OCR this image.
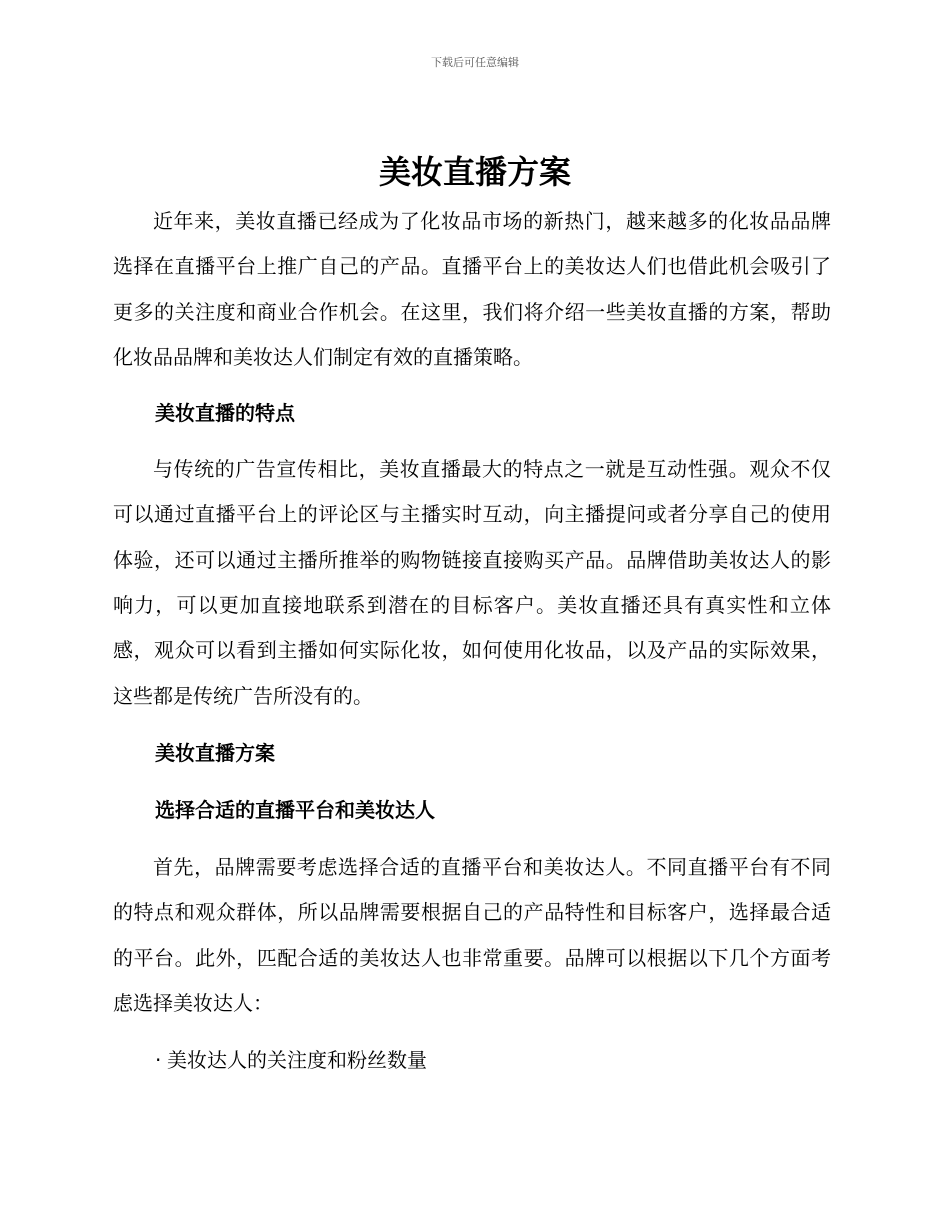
下载后可任意编辑
美妆直播方案

近年来，美妆直播已经成为了化妆品市场的新热门，越来越多的化妆品品牌选择在直播平台上推广自己的产品。直播平台上的美妆达人们也借此机会吸引了更多的关注度和商业合作机会。在这里，我们将介绍一些美妆直播的方案，帮助化妆品品牌和美妆达人们制定有效的直播策略。

美妆直播的特点

与传统的广告宣传相比，美妆直播最大的特点之一就是互动性强。观众不仅可以通过直播平台上的评论区与主播实时互动，向主播提问或者分享自己的使用体验，还可以通过主播所推举的购物链接直接购买产品。品牌借助美妆达人的影响力，可以更加直接地联系到潜在的目标客户。美妆直播还具有真实性和立体感，观众可以看到主播如何实际化妆，如何使用化妆品，以及产品的实际效果，这些都是传统广告所没有的。

美妆直播方案

选择合适的直播平台和美妆达人

首先，品牌需要考虑选择合适的直播平台和美妆达人。不同直播平台有不同的特点和观众群体，所以品牌需要根据自己的产品特性和目标客户，选择最合适的平台。此外，匹配合适的美妆达人也非常重要。品牌可以根据以下几个方面考虑选择美妆达人：

· 美妆达人的关注度和粉丝数量
